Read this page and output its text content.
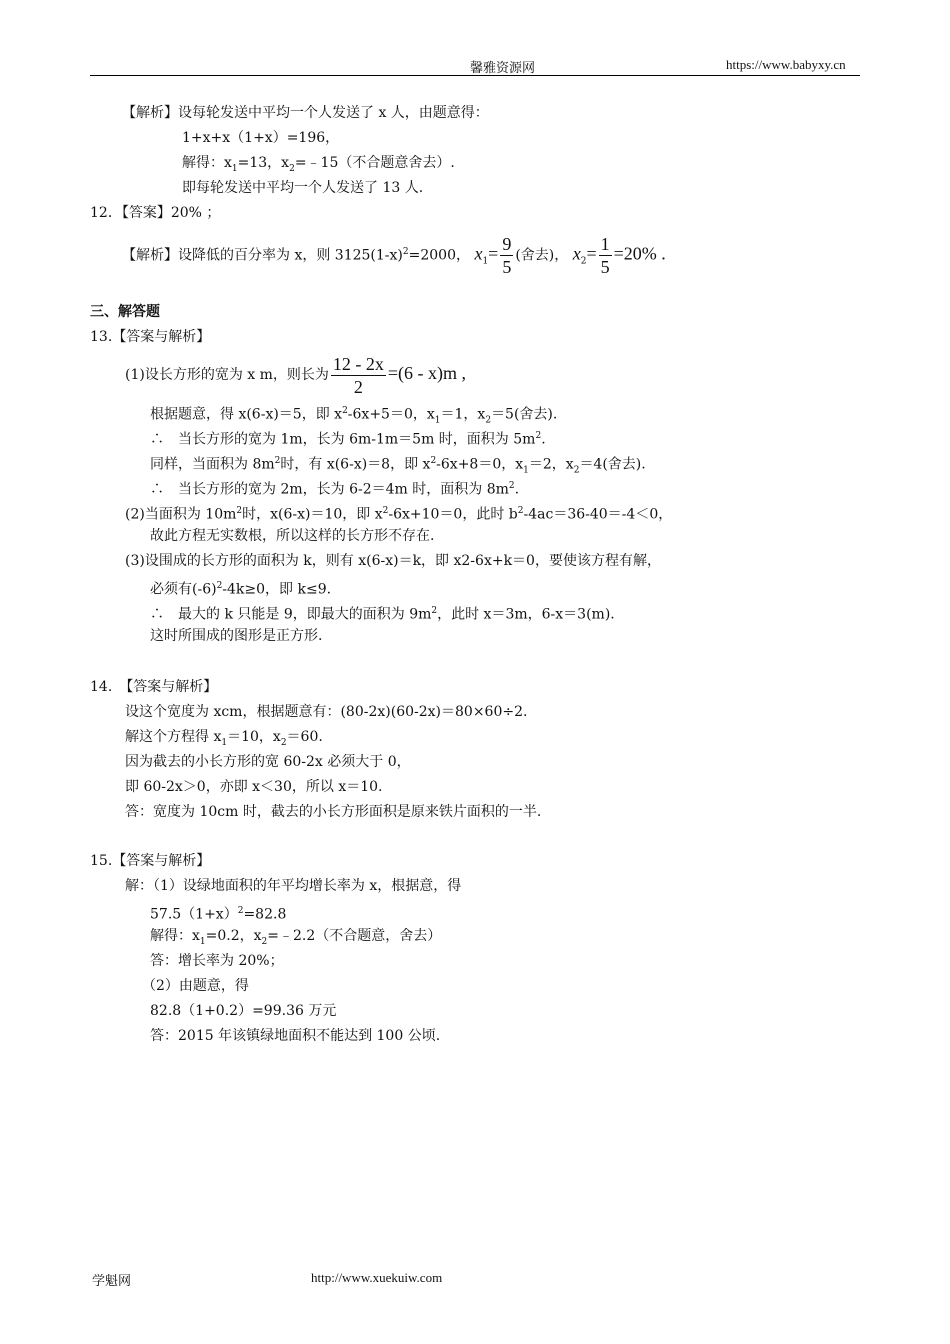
馨雅资源网	https://www.babyxy.cn
【解析】设每轮发送中平均一个人发送了 x 人，由题意得：
1+x+x（1+x）=196，
解得：$x_1=13$，$x_2=﹣15$（不合题意舍去）.
即每轮发送中平均一个人发送了 13 人.
12．【答案】20% ；
【解析】设降低的百分率为 x，则 $3125(1-x)^2=2000$， $x_1= \frac{9}{5}$ (舍去)， $x_2= \frac{1}{5} =20\%$ .
三、解答题
13.【答案与解析】
(1)设长方形的宽为 x m，则长为 $\frac{12 - 2x}{2} =(6 - x)m$ ,
根据题意，得 x(6-x)＝5，即 $x^2-6x+5=0$，$x_1=1$，$x_2=5$(舍去).
∴　当长方形的宽为 1m，长为 6m-1m＝5m 时，面积为 $5m^2$.
同样，当面积为 $8m^2$时，有 x(6-x)＝8，即 $x^2-6x+8=0$，$x_1=2$，$x_2=4$(舍去).
∴　当长方形的宽为 2m，长为 6-2＝4m 时，面积为 $8m^2$.
(2)当面积为 $10m^2$时，x(6-x)＝10，即 $x^2-6x+10=0$，此时 $b^2-4ac=36-40=-4<0$，
故此方程无实数根，所以这样的长方形不存在.
(3)设围成的长方形的面积为 k，则有 x(6-x)＝k，即 x2-6x+k＝0，要使该方程有解，
必须有$(-6)^2-4k\ge 0$，即 k≤9.
∴　最大的 k 只能是 9，即最大的面积为 $9m^2$，此时 x＝3m，6-x＝3(m).
这时所围成的图形是正方形.
14.　【答案与解析】
设这个宽度为 xcm，根据题意有：(80-2x)(60-2x)＝80×60÷2.
解这个方程得 $x_1=10$，$x_2=60$.
因为截去的小长方形的宽 60-2x 必须大于 0，
即 60-2x＞0，亦即 x＜30，所以 x＝10.
答：宽度为 10cm 时，截去的小长方形面积是原来铁片面积的一半.
15.【答案与解析】
解：（1）设绿地面积的年平均增长率为 x，根据意，得
$57.5(1+x)^2=82.8$
解得：$x_1=0.2$，$x_2=﹣2.2$（不合题意，舍去）
答：增长率为 20%；
（2）由题意，得
82.8（1+0.2）=99.36 万元
答：2015 年该镇绿地面积不能达到 100 公顷.
学魁网	http://www.xuekuiw.com
